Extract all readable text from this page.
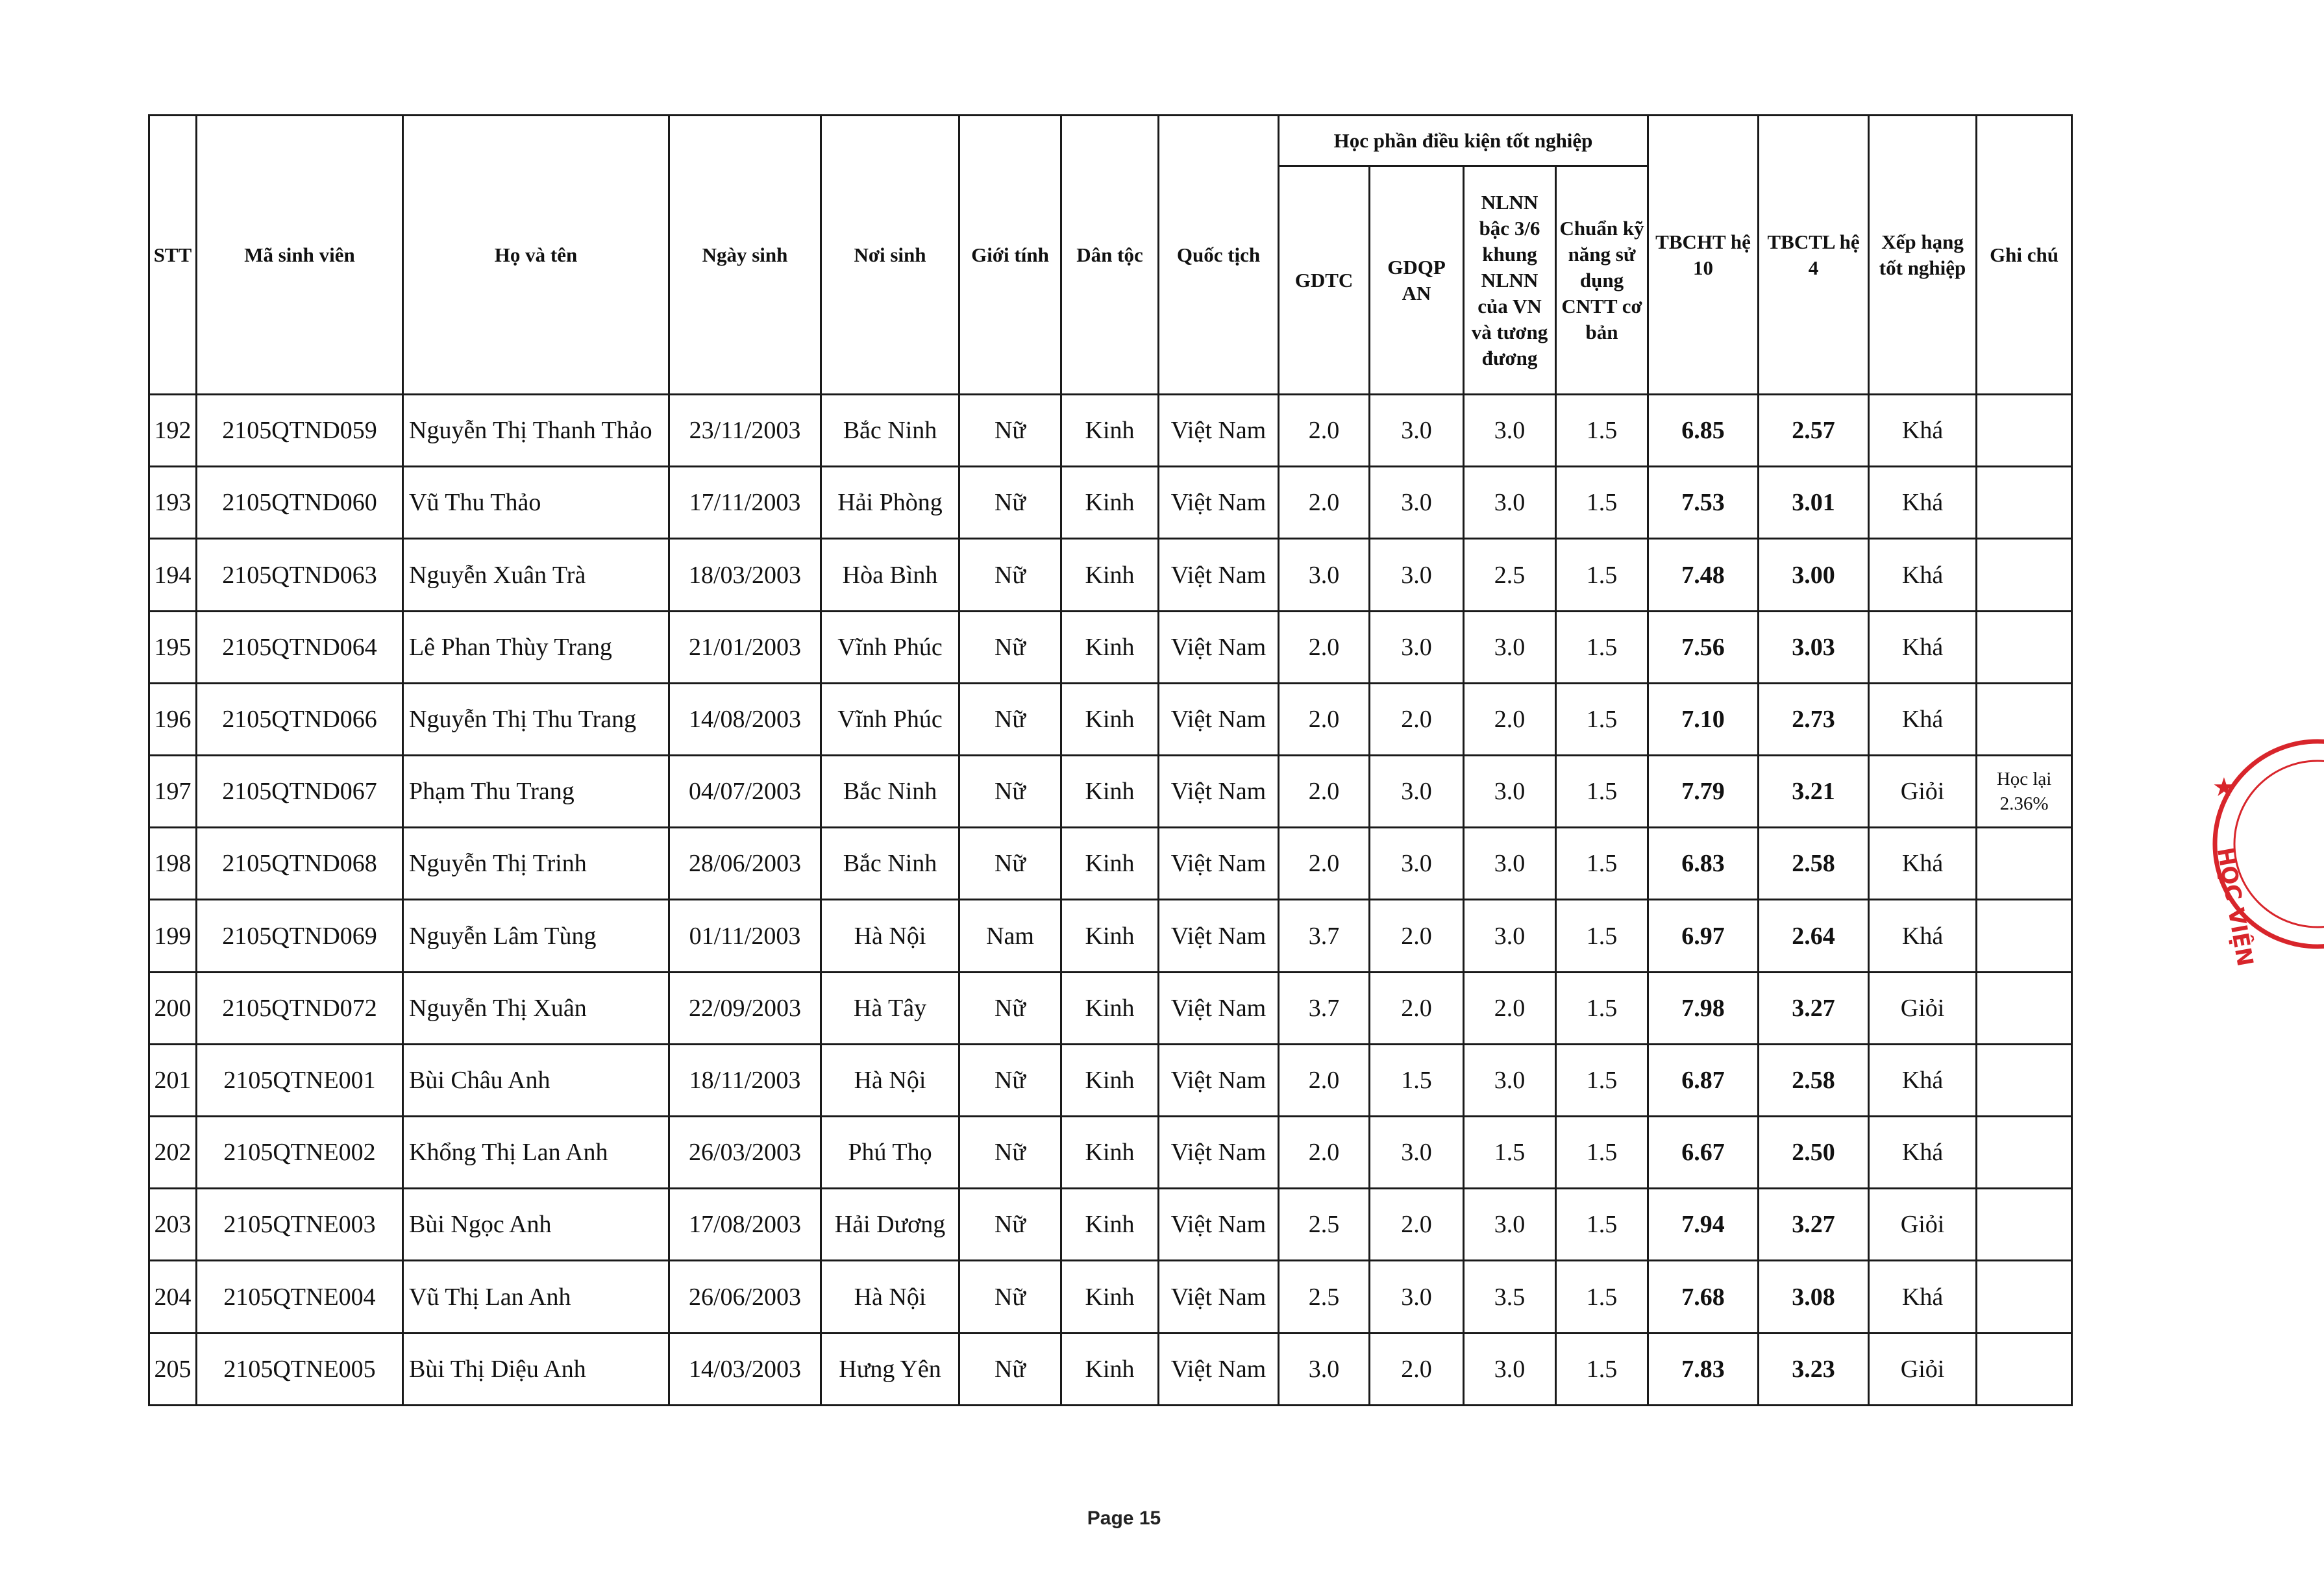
STT	Mã sinh viên	Họ và tên	Ngày sinh	Nơi sinh	Giới tính	Dân tộc	Quốc tịch	Học phần điều kiện tốt nghiệp				TBCHT hệ 10	TBCTL hệ 4	Xếp hạng tốt nghiệp	Ghi chú
								GDTC	GDQP AN	NLNN bậc 3/6 khung NLNN của VN và tương đương	Chuẩn kỹ năng sử dụng CNTT cơ bản				
192	2105QTND059	Nguyễn Thị Thanh Thảo	23/11/2003	Bắc Ninh	Nữ	Kinh	Việt Nam	2.0	3.0	3.0	1.5	6.85	2.57	Khá	
193	2105QTND060	Vũ Thu Thảo	17/11/2003	Hải Phòng	Nữ	Kinh	Việt Nam	2.0	3.0	3.0	1.5	7.53	3.01	Khá	
194	2105QTND063	Nguyễn Xuân Trà	18/03/2003	Hòa Bình	Nữ	Kinh	Việt Nam	3.0	3.0	2.5	1.5	7.48	3.00	Khá	
195	2105QTND064	Lê Phan Thùy Trang	21/01/2003	Vĩnh Phúc	Nữ	Kinh	Việt Nam	2.0	3.0	3.0	1.5	7.56	3.03	Khá	
196	2105QTND066	Nguyễn Thị Thu Trang	14/08/2003	Vĩnh Phúc	Nữ	Kinh	Việt Nam	2.0	2.0	2.0	1.5	7.10	2.73	Khá	
197	2105QTND067	Phạm Thu Trang	04/07/2003	Bắc Ninh	Nữ	Kinh	Việt Nam	2.0	3.0	3.0	1.5	7.79	3.21	Giỏi	Học lại 2.36%
198	2105QTND068	Nguyễn Thị Trinh	28/06/2003	Bắc Ninh	Nữ	Kinh	Việt Nam	2.0	3.0	3.0	1.5	6.83	2.58	Khá	
199	2105QTND069	Nguyễn Lâm Tùng	01/11/2003	Hà Nội	Nam	Kinh	Việt Nam	3.7	2.0	3.0	1.5	6.97	2.64	Khá	
200	2105QTND072	Nguyễn Thị Xuân	22/09/2003	Hà Tây	Nữ	Kinh	Việt Nam	3.7	2.0	2.0	1.5	7.98	3.27	Giỏi	
201	2105QTNE001	Bùi Châu Anh	18/11/2003	Hà Nội	Nữ	Kinh	Việt Nam	2.0	1.5	3.0	1.5	6.87	2.58	Khá	
202	2105QTNE002	Khổng Thị Lan Anh	26/03/2003	Phú Thọ	Nữ	Kinh	Việt Nam	2.0	3.0	1.5	1.5	6.67	2.50	Khá	
203	2105QTNE003	Bùi Ngọc Anh	17/08/2003	Hải Dương	Nữ	Kinh	Việt Nam	2.5	2.0	3.0	1.5	7.94	3.27	Giỏi	
204	2105QTNE004	Vũ Thị Lan Anh	26/06/2003	Hà Nội	Nữ	Kinh	Việt Nam	2.5	3.0	3.5	1.5	7.68	3.08	Khá	
205	2105QTNE005	Bùi Thị Diệu Anh	14/03/2003	Hưng Yên	Nữ	Kinh	Việt Nam	3.0	2.0	3.0	1.5	7.83	3.23	Giỏi	
Page 15
★
HỌC VIỆN
